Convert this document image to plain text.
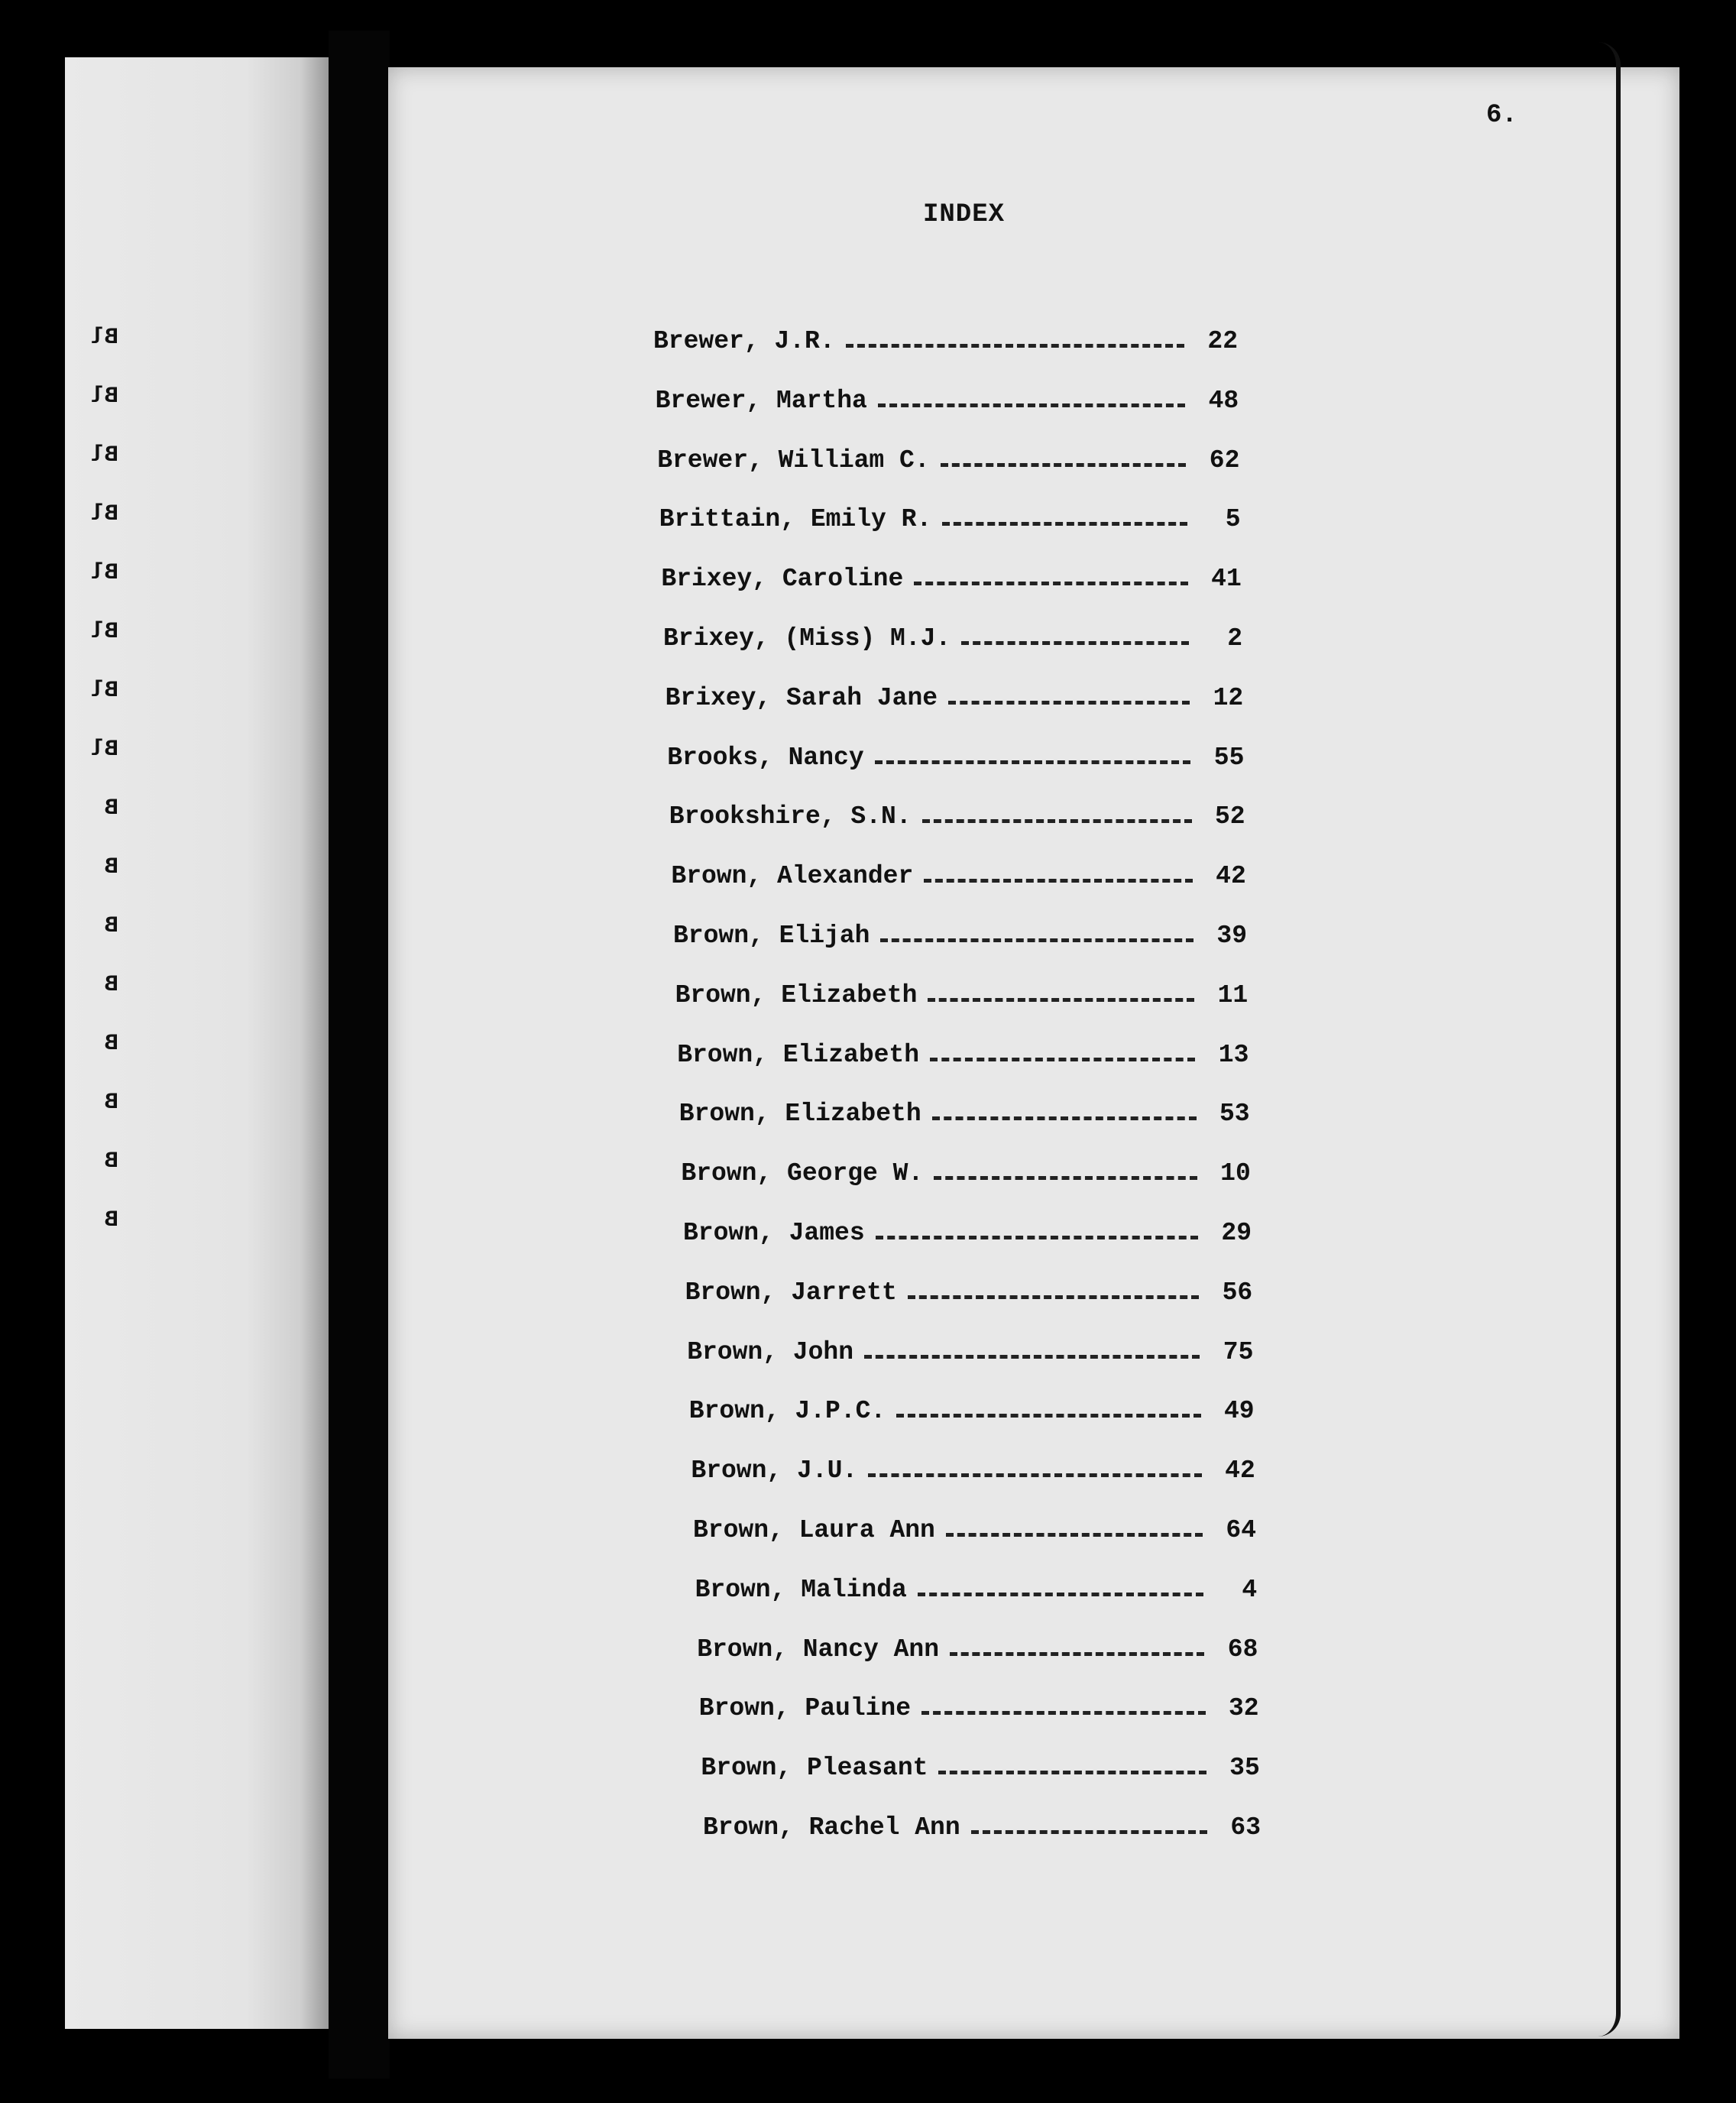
Bl
Bl
Bl
Bl
Bl
Bl
Bl
Bl
B
B
B
B
B
B
B
B
6.
INDEX
Brewer, J.R.	22
Brewer, Martha	48
Brewer, William C.	62
Brittain, Emily R.	5
Brixey, Caroline	41
Brixey, (Miss) M.J.	2
Brixey, Sarah Jane	12
Brooks, Nancy	55
Brookshire, S.N.	52
Brown, Alexander	42
Brown, Elijah	39
Brown, Elizabeth	11
Brown, Elizabeth	13
Brown, Elizabeth	53
Brown, George W.	10
Brown, James	29
Brown, Jarrett	56
Brown, John	75
Brown, J.P.C.	49
Brown, J.U.	42
Brown, Laura Ann	64
Brown, Malinda	4
Brown, Nancy Ann	68
Brown, Pauline	32
Brown, Pleasant	35
Brown, Rachel Ann	63
